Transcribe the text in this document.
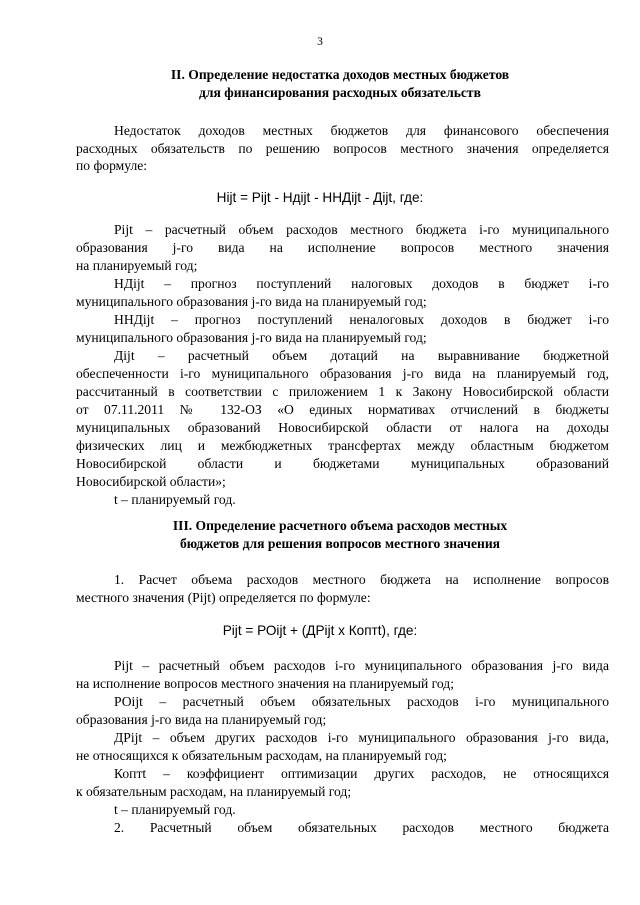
3

II. Определение недостатка доходов местных бюджетов

для финансирования расходных обязательств

Недостаток доходов местных бюджетов для финансового обеспечения

расходных обязательств по решению вопросов местного значения определяется

по формуле:

Нijt = Рijt - Ндijt - ННДijt - Дijt, где:

Рijt – расчетный объем расходов местного бюджета i-го муниципального

образования j-го вида на исполнение вопросов местного значения

на планируемый год;

НДijt – прогноз поступлений налоговых доходов в бюджет i-го

муниципального образования j-го вида на планируемый год;

ННДijt – прогноз поступлений неналоговых доходов в бюджет i-го

муниципального образования j-го вида на планируемый год;

Дijt – расчетный объем дотаций на выравнивание бюджетной

обеспеченности i-го муниципального образования j-го вида на планируемый год,

рассчитанный в соответствии с приложением 1 к Закону Новосибирской области

от 07.11.2011 № 132-ОЗ «О единых нормативах отчислений в бюджеты

муниципальных образований Новосибирской области от налога на доходы

физических лиц и межбюджетных трансфертах между областным бюджетом

Новосибирской области и бюджетами муниципальных образований

Новосибирской области»;

t – планируемый год.

III. Определение расчетного объема расходов местных

бюджетов для решения вопросов местного значения

1. Расчет объема расходов местного бюджета на исполнение вопросов

местного значения (Рijt) определяется по формуле:

Рijt = РОijt + (ДРijt х Коптt), где:

Рijt – расчетный объем расходов i-го муниципального образования j-го вида

на исполнение вопросов местного значения на планируемый год;

РОijt – расчетный объем обязательных расходов i-го муниципального

образования j-го вида на планируемый год;

ДРijt – объем других расходов i-го муниципального образования j-го вида,

не относящихся к обязательным расходам, на планируемый год;

Коптt – коэффициент оптимизации других расходов, не относящихся

к обязательным расходам, на планируемый год;

t – планируемый год.

2. Расчетный объем обязательных расходов местного бюджета
